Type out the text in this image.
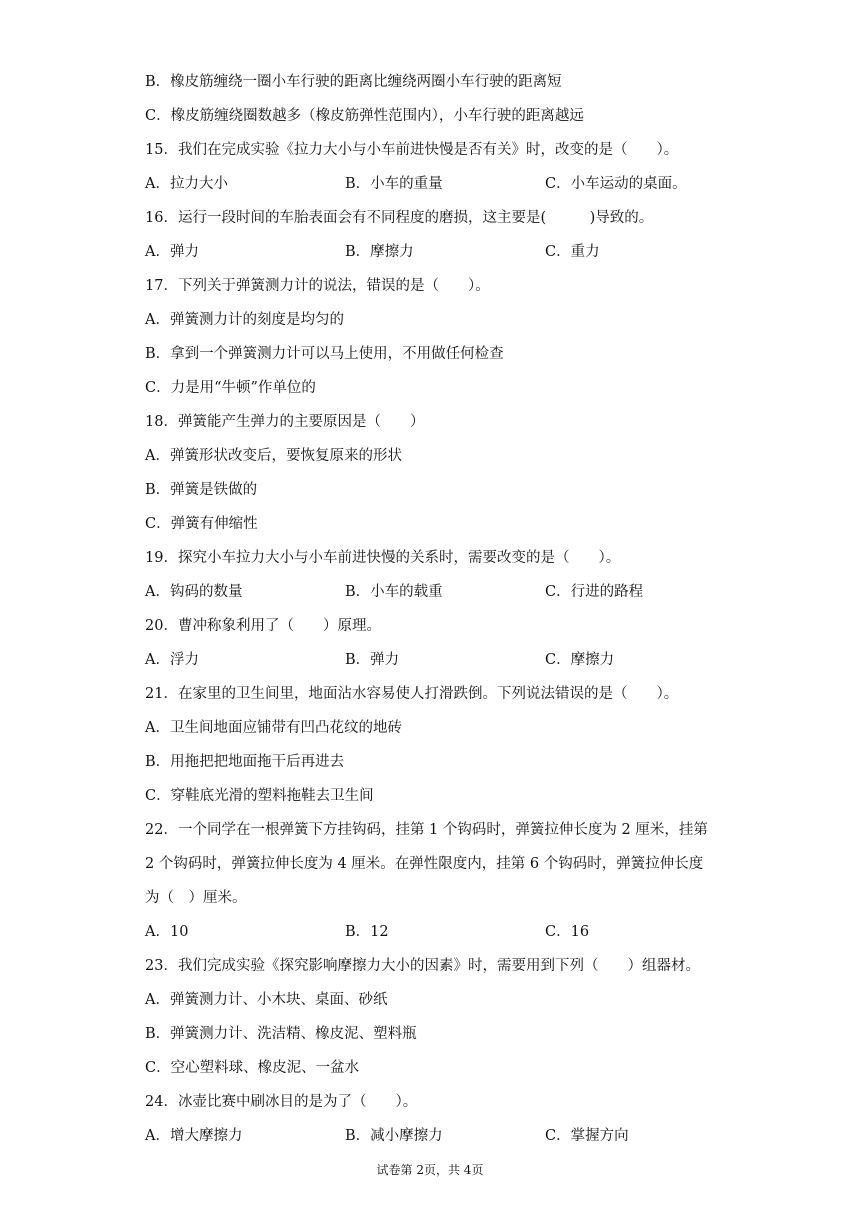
B．橡皮筋缠绕一圈小车行驶的距离比缠绕两圈小车行驶的距离短
C．橡皮筋缠绕圈数越多（橡皮筋弹性范围内），小车行驶的距离越远
15．我们在完成实验《拉力大小与小车前进快慢是否有关》时，改变的是（　　）。
A．拉力大小	B．小车的重量	C．小车运动的桌面。
16．运行一段时间的车胎表面会有不同程度的磨损，这主要是(　　　)导致的。
A．弹力	B．摩擦力	C．重力
17．下列关于弹簧测力计的说法，错误的是（　　）。
A．弹簧测力计的刻度是均匀的
B．拿到一个弹簧测力计可以马上使用，不用做任何检查
C．力是用“牛顿”作单位的
18．弹簧能产生弹力的主要原因是（　　）
A．弹簧形状改变后，要恢复原来的形状
B．弹簧是铁做的
C．弹簧有伸缩性
19．探究小车拉力大小与小车前进快慢的关系时，需要改变的是（　　）。
A．钩码的数量	B．小车的载重	C．行进的路程
20．曹冲称象利用了（　　）原理。
A．浮力	B．弹力	C．摩擦力
21．在家里的卫生间里，地面沾水容易使人打滑跌倒。下列说法错误的是（　　）。
A．卫生间地面应铺带有凹凸花纹的地砖
B．用拖把把地面拖干后再进去
C．穿鞋底光滑的塑料拖鞋去卫生间
22．一个同学在一根弹簧下方挂钩码，挂第 1 个钩码时，弹簧拉伸长度为 2 厘米，挂第
2 个钩码时，弹簧拉伸长度为 4 厘米。在弹性限度内，挂第 6 个钩码时，弹簧拉伸长度
为（　）厘米。
A．10	B．12	C．16
23．我们完成实验《探究影响摩擦力大小的因素》时，需要用到下列（　　）组器材。
A．弹簧测力计、小木块、桌面、砂纸
B．弹簧测力计、洗洁精、橡皮泥、塑料瓶
C．空心塑料球、橡皮泥、一盆水
24．冰壶比赛中刷冰目的是为了（　　）。
A．增大摩擦力	B．减小摩擦力	C．掌握方向
试卷第 2页，共 4页
